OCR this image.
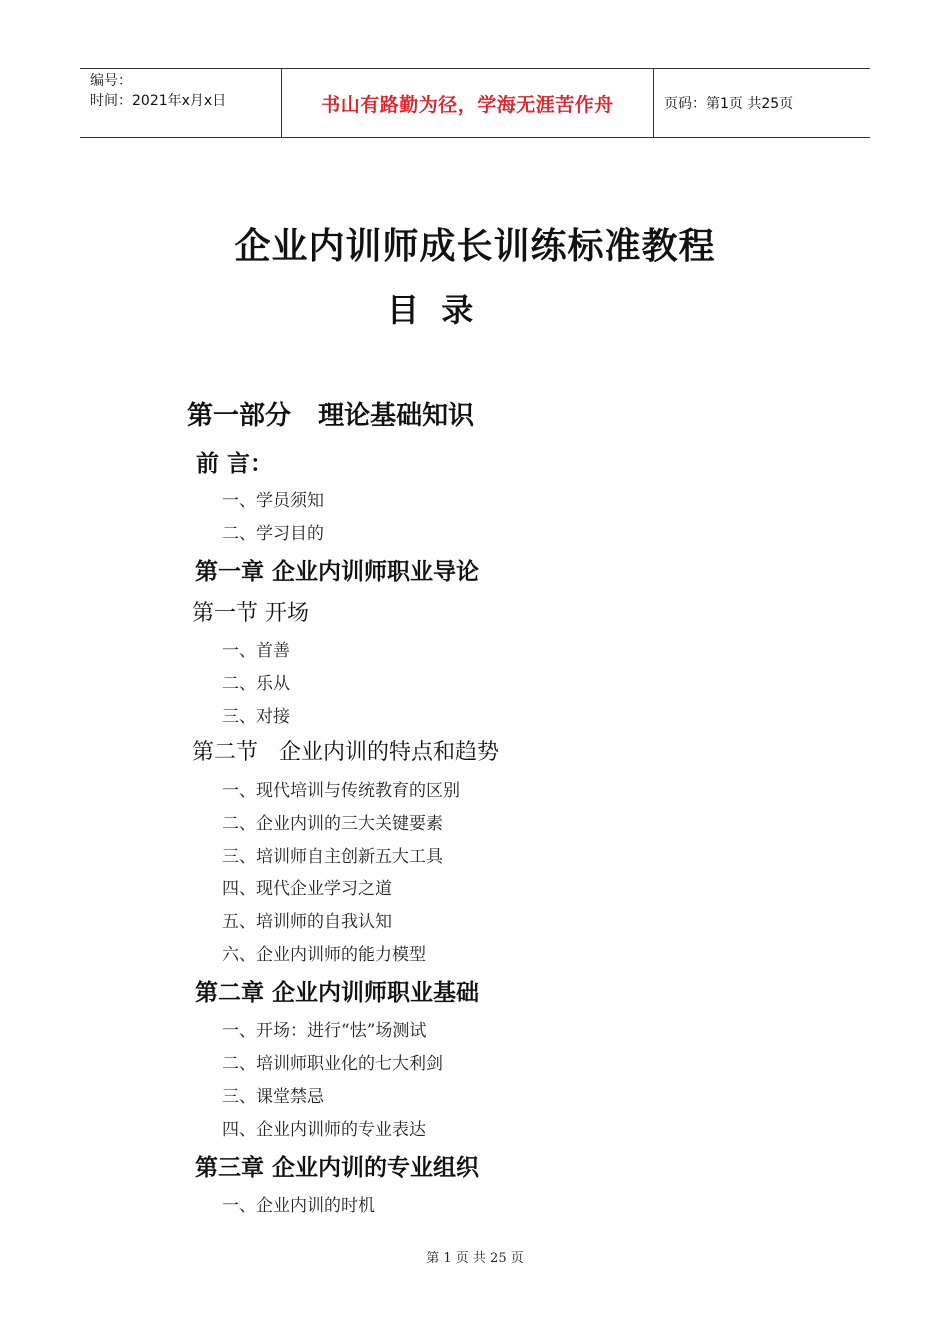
编号：
时间：2021年x月x日	书山有路勤为径，学海无涯苦作舟	页码：第1页 共25页
企业内训师成长训练标准教程
目  录
第一部分   理论基础知识
前 言：
一、学员须知
二、学习目的
第一章 企业内训师职业导论
第一节 开场
一、首善
二、乐从
三、对接
第二节   企业内训的特点和趋势
一、现代培训与传统教育的区别
二、企业内训的三大关键要素
三、培训师自主创新五大工具
四、现代企业学习之道
五、培训师的自我认知
六、企业内训师的能力模型
第二章 企业内训师职业基础
一、开场：进行“怯”场测试
二、培训师职业化的七大利剑
三、课堂禁忌
四、企业内训师的专业表达
第三章 企业内训的专业组织
一、企业内训的时机
第 1 页 共 25 页
